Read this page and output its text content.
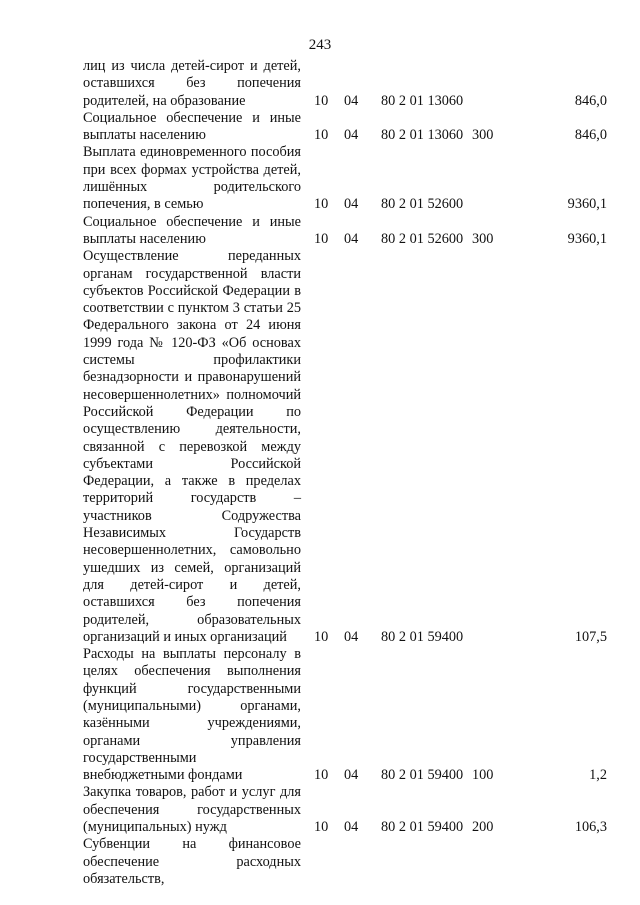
243
лиц из числа детей-сирот и детей, оставшихся без попечения родителей, на образование	10 04 80 2 01 13060	846,0
Социальное обеспечение и иные выплаты населению	10 04 80 2 01 13060 300	846,0
Выплата единовременного пособия при всех формах устройства детей, лишённых родительского попечения, в семью	10 04 80 2 01 52600	9360,1
Социальное обеспечение и иные выплаты населению	10 04 80 2 01 52600 300	9360,1
Осуществление переданных органам государственной власти субъектов Российской Федерации в соответствии с пунктом 3 статьи 25 Федерального закона от 24 июня 1999 года № 120-ФЗ «Об основах системы профилактики безнадзорности и правонарушений несовершеннолетних» полномочий Российской Федерации по осуществлению деятельности, связанной с перевозкой между субъектами Российской Федерации, а также в пределах территорий государств – участников Содружества Независимых Государств несовершеннолетних, самовольно ушедших из семей, организаций для детей-сирот и детей, оставшихся без попечения родителей, образовательных организаций и иных организаций	10 04 80 2 01 59400	107,5
Расходы на выплаты персоналу в целях обеспечения выполнения функций государственными (муниципальными) органами, казёнными учреждениями, органами управления государственными внебюджетными фондами	10 04 80 2 01 59400 100	1,2
Закупка товаров, работ и услуг для обеспечения государственных (муниципальных) нужд	10 04 80 2 01 59400 200	106,3
Субвенции на финансовое обеспечение расходных обязательств,
